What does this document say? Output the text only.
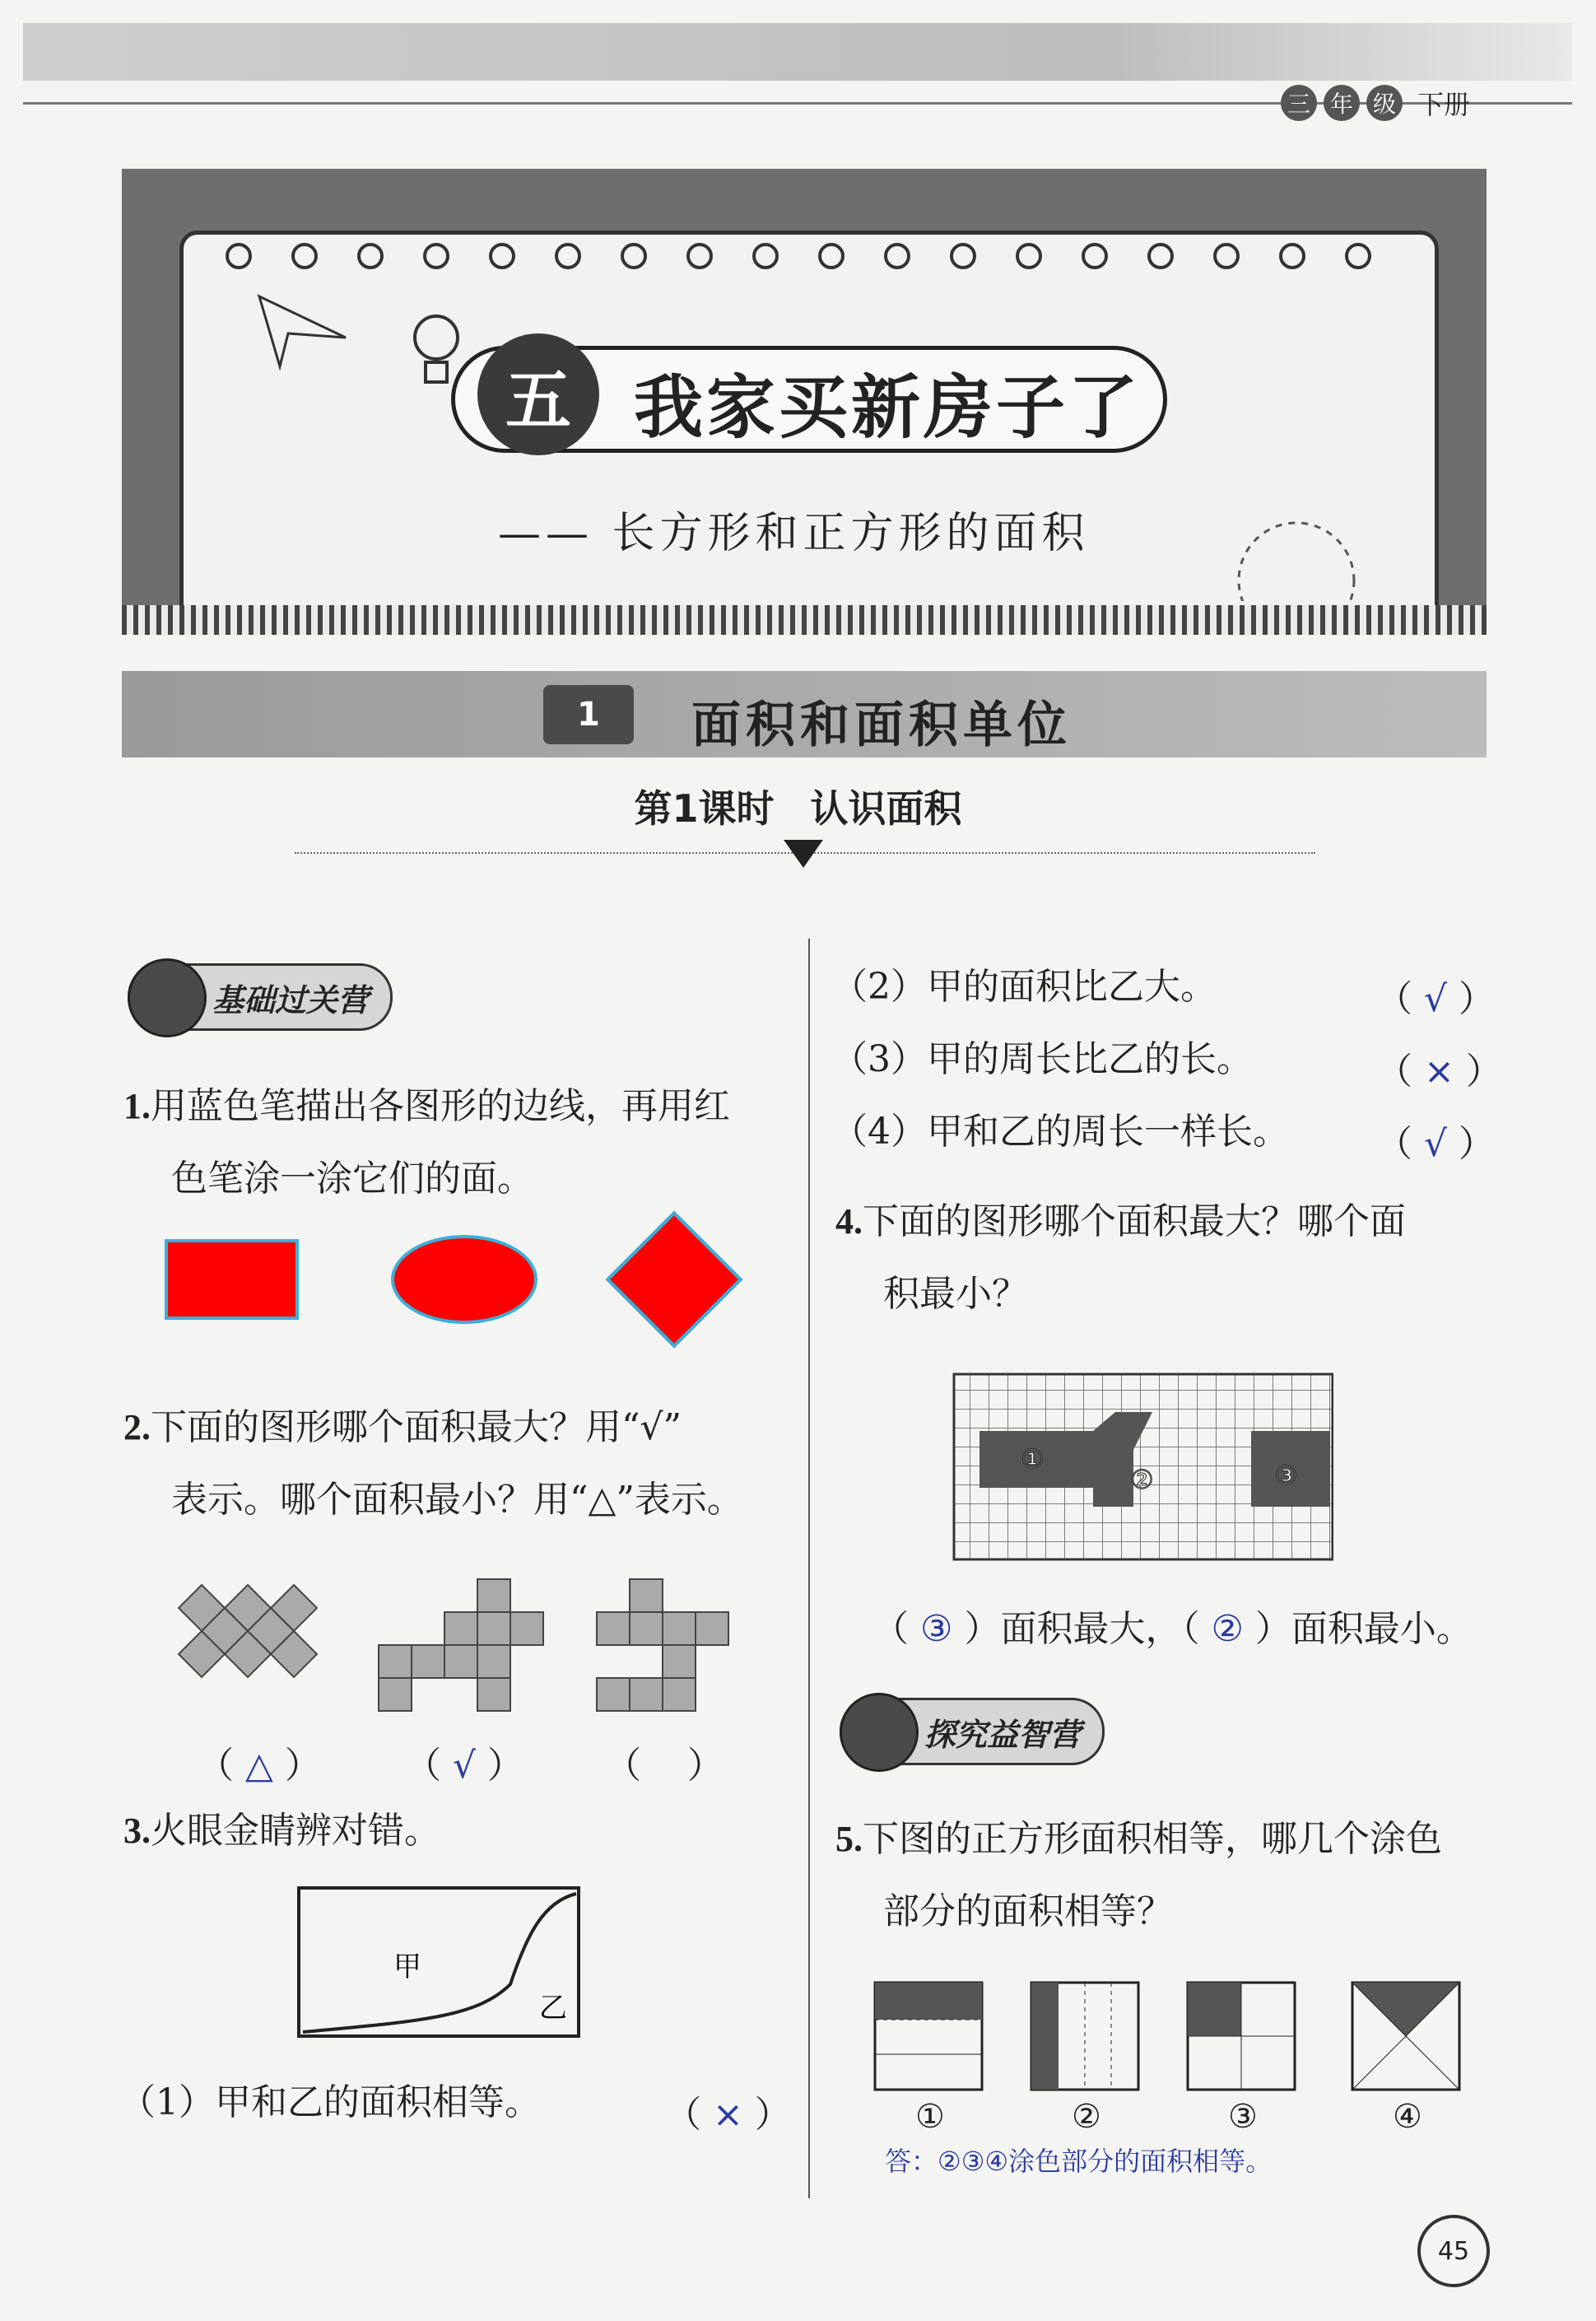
三 年 级 下册
五 我家买新房子了
—— 长方形和正方形的面积
1	面积和面积单位
第1课时 认识面积
基础过关营
1.用蓝色笔描出各图形的边线，再用红
色笔涂一涂它们的面。
2.下面的图形哪个面积最大？用“√”
表示。哪个面积最小？用“△”表示。
（ △ ） （ √ ） （    ）
3.火眼金睛辨对错。
甲
乙
（1）甲和乙的面积相等。	（ × ）
（2）甲的面积比乙大。	（ √ ）
（3）甲的周长比乙的长。	（ × ）
（4）甲和乙的周长一样长。 （ √ ）
4.下面的图形哪个面积最大？哪个面
积最小？
①
②	③
（ ③ ）面积最大，（ ② ）面积最小。
探究益智营
5.下图的正方形面积相等，哪几个涂色
部分的面积相等？
①	②	③	④
答：②③④涂色部分的面积相等。
45
